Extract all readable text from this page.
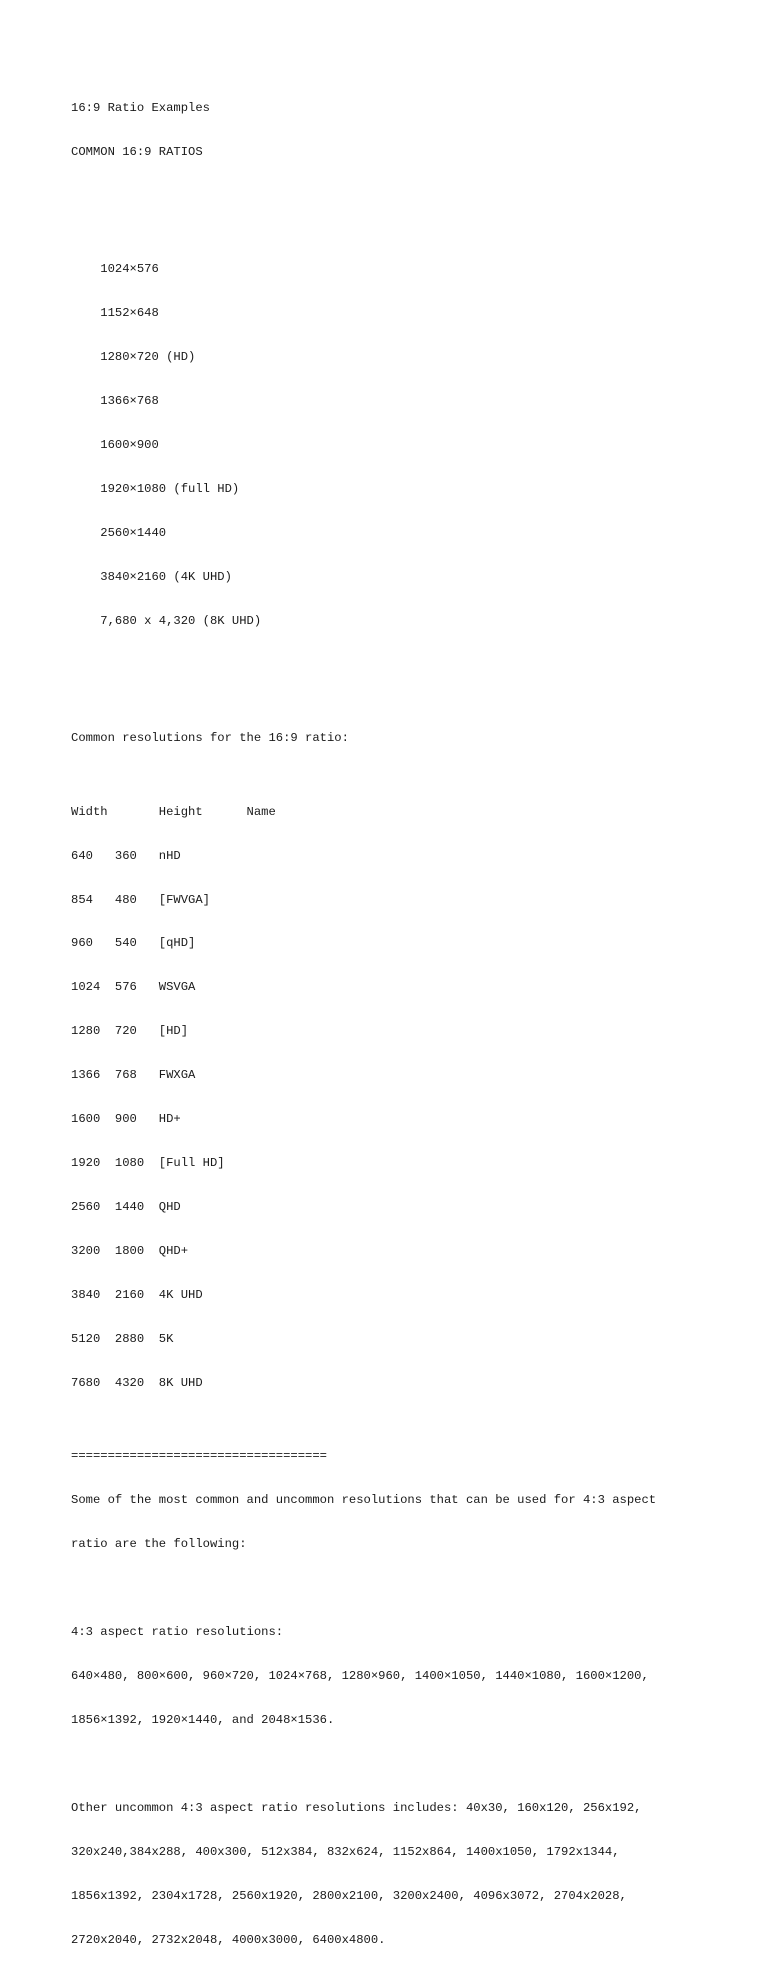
16:9 Ratio Examples

COMMON 16:9 RATIOS

1024×576

1152×648

1280×720 (HD)

1366×768

1600×900

1920×1080 (full HD)

2560×1440

3840×2160 (4K UHD)

7,680 x 4,320 (8K UHD)

Common resolutions for the 16:9 ratio:

Width       Height      Name

640   360   nHD

854   480   [FWVGA]

960   540   [qHD]

1024  576   WSVGA

1280  720   [HD]

1366  768   FWXGA

1600  900   HD+

1920  1080  [Full HD]

2560  1440  QHD

3200  1800  QHD+

3840  2160  4K UHD

5120  2880  5K

7680  4320  8K UHD

===================================

Some of the most common and uncommon resolutions that can be used for 4:3 aspect

ratio are the following:

4:3 aspect ratio resolutions:

640×480, 800×600, 960×720, 1024×768, 1280×960, 1400×1050, 1440×1080, 1600×1200,

1856×1392, 1920×1440, and 2048×1536.

Other uncommon 4:3 aspect ratio resolutions includes: 40x30, 160x120, 256x192,

320x240,384x288, 400x300, 512x384, 832x624, 1152x864, 1400x1050, 1792x1344,

1856x1392, 2304x1728, 2560x1920, 2800x2100, 3200x2400, 4096x3072, 2704x2028,

2720x2040, 2732x2048, 4000x3000, 6400x4800.
